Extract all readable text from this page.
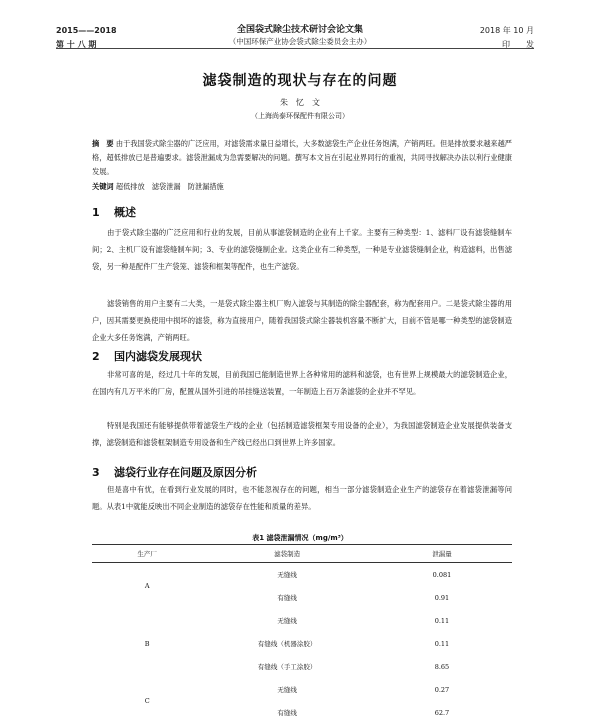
2015——2018
第 十 八 期
全国袋式除尘技术研讨会论文集
（中国环保产业协会袋式除尘委员会主办）
2018 年 10 月
印　　发
滤袋制造的现状与存在的问题
朱　忆　文
（上海尚泰环保配件有限公司）
摘　要 由于我国袋式除尘器的广泛应用，对滤袋需求量日益增长，大多数滤袋生产企业任务饱满，产销两旺。但是排放要求越来越严格，超低排放已是普遍要求。滤袋泄漏成为急需要解决的问题。撰写本文旨在引起业界同行的重视，共同寻找解决办法以利行业健康发展。
关键词 超低排放　滤袋泄漏　防泄漏措施
1 概述
由于袋式除尘器的广泛应用和行业的发展，目前从事滤袋制造的企业有上千家。主要有三种类型：1、滤料厂设有滤袋缝制车间；2、主机厂设有滤袋缝制车间；3、专业的滤袋缝制企业。这类企业有二种类型，一种是专业滤袋缝制企业，构造滤料，出售滤袋，另一种是配件厂生产袋笼、滤袋和框架等配件，也生产滤袋。
滤袋销售的用户主要有二大类，一是袋式除尘器主机厂购入滤袋与其制造的除尘器配套，称为配套用户。二是袋式除尘器的用户，因其需要更换使用中损坏的滤袋，称为直接用户，随着我国袋式除尘器装机容量不断扩大，目前不管是哪一种类型的滤袋制造企业大多任务饱满，产销两旺。
2 国内滤袋发展现状
非常可喜的是，经过几十年的发展，目前我国已能制造世界上各种常用的滤料和滤袋，也有世界上规模最大的滤袋制造企业，在国内有几万平米的厂房，配置从国外引进的吊挂缝送装置，一年制造上百万条滤袋的企业并不罕见。
特别是我国还有能够提供带着滤袋生产线的企业（包括制造滤袋框架专用设备的企业），为我国滤袋制造企业发展提供装备支撑，滤袋制造和滤袋框架制造专用设备和生产线已经出口到世界上许多国家。
3 滤袋行业存在问题及原因分析
但是喜中有忧，在看到行业发展的同时，也不能忽视存在的问题，相当一部分滤袋制造企业生产的滤袋存在着滤袋泄漏等问题。从表1中就能反映出不同企业制造的滤袋存在性能和质量的差异。
表1 滤袋泄漏情况（mg/m³）
生产厂	滤袋制造	泄漏量
A	无缝线	0.081
	有缝线	0.91
B	无缝线	0.11
	有缝线（机器涂胶）	0.11
	有缝线（手工涂胶）	8.65
C	无缝线	0.27
	有缝线	62.7
